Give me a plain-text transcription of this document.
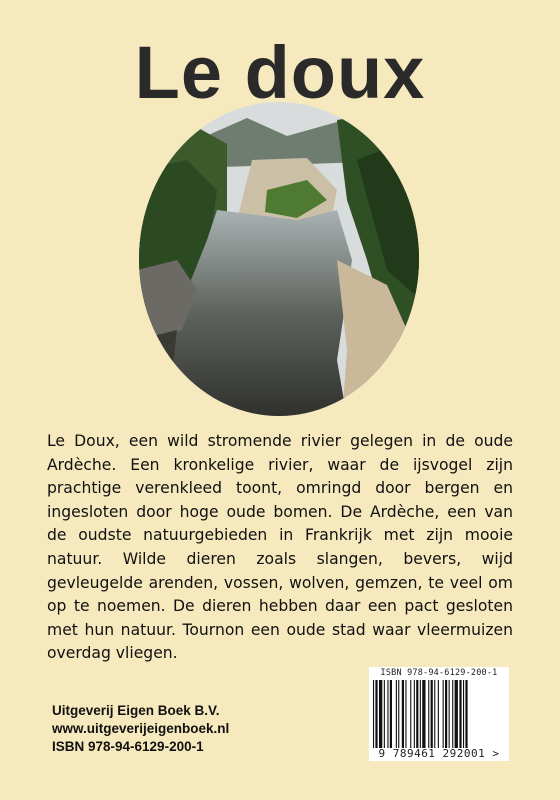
Le doux

Le Doux, een wild stromende rivier gelegen in de oude Ardèche. Een kronkelige rivier, waar de ijsvogel zijn prachtige verenkleed toont, omringd door bergen en ingesloten door hoge oude bomen. De Ardèche, een van de oudste natuurgebieden in Frankrijk met zijn mooie natuur. Wilde dieren zoals slangen, bevers, wijd gevleugelde arenden, vossen, wolven, gemzen, te veel om op te noemen. De dieren hebben daar een pact gesloten met hun natuur. Tournon een oude stad waar vleermuizen overdag vliegen.

Uitgeverij Eigen Boek B.V.
www.uitgeverijeigenboek.nl
ISBN 978-94-6129-200-1
ISBN 978-94-6129-200-1
9 789461 292001 >
